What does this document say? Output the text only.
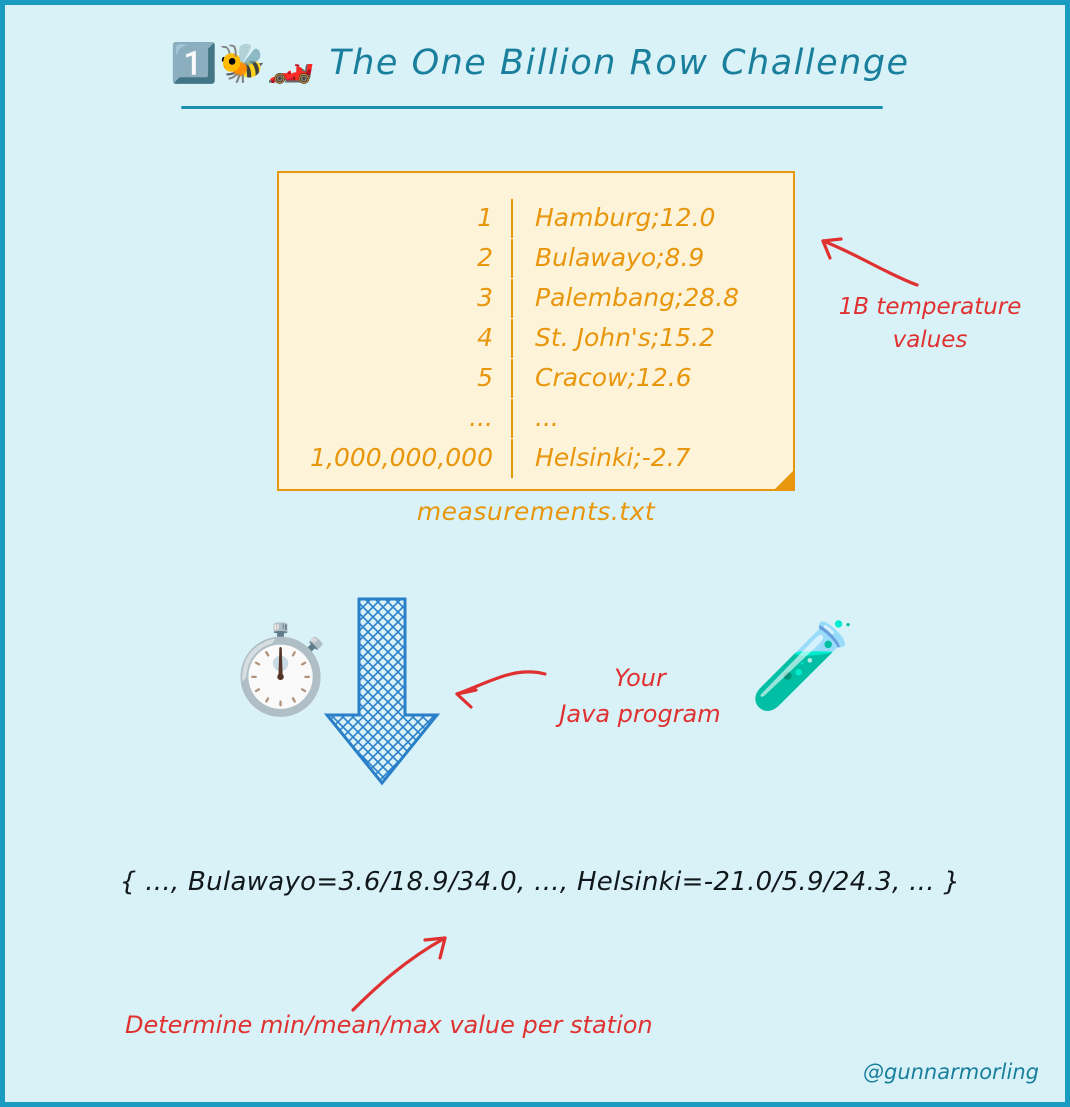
1️⃣🐝🏎️ The One Billion Row Challenge
1	Hamburg;12.0
2	Bulawayo;8.9
3	Palembang;28.8
4	St. John's;15.2
5	Cracow;12.6
...	...
1,000,000,000	Helsinki;-2.7
measurements.txt
1B temperature
values
⏱️	Your
Java program 🧪
{ ..., Bulawayo=3.6/18.9/34.0, ..., Helsinki=-21.0/5.9/24.3, ... }
Determine min/mean/max value per station
@gunnarmorling
